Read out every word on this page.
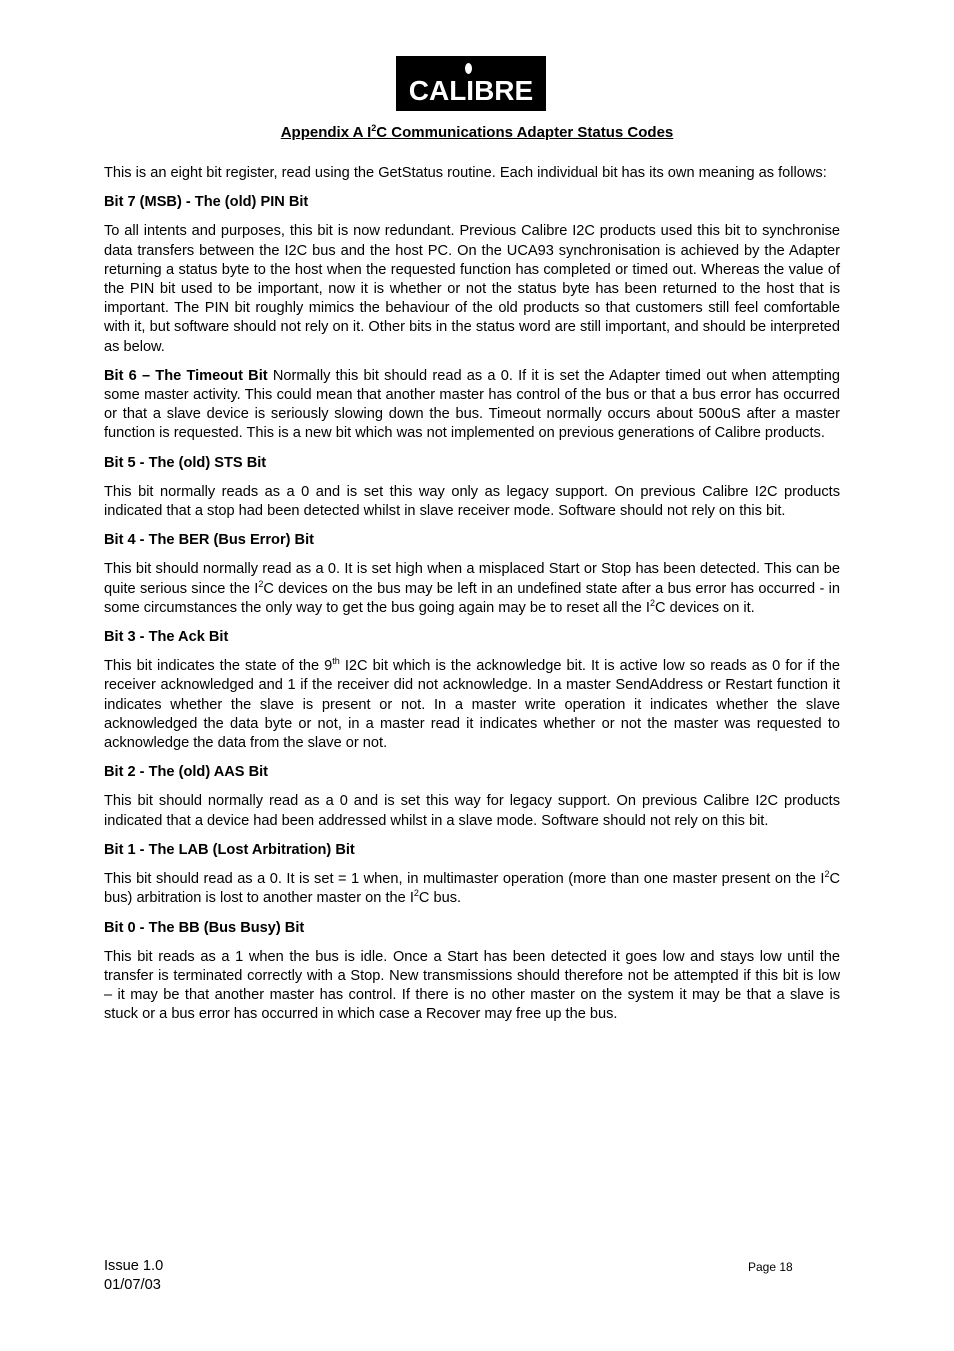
CALIBRE
Appendix A $I^2C$ Communications Adapter Status Codes

This is an eight bit register, read using the GetStatus routine. Each individual bit has its own meaning as follows:

Bit 7 (MSB) - The (old) PIN Bit

To all intents and purposes, this bit is now redundant. Previous Calibre I2C products used this bit to synchronise data transfers between the I2C bus and the host PC. On the UCA93 synchronisation is achieved by the Adapter returning a status byte to the host when the requested function has completed or timed out. Whereas the value of the PIN bit used to be important, now it is whether or not the status byte has been returned to the host that is important. The PIN bit roughly mimics the behaviour of the old products so that customers still feel comfortable with it, but software should not rely on it. Other bits in the status word are still important, and should be interpreted as below.

Bit 6 – The Timeout Bit Normally this bit should read as a 0. If it is set the Adapter timed out when attempting some master activity. This could mean that another master has control of the bus or that a bus error has occurred or that a slave device is seriously slowing down the bus. Timeout normally occurs about 500uS after a master function is requested. This is a new bit which was not implemented on previous generations of Calibre products.

Bit 5 - The (old) STS Bit

This bit normally reads as a 0 and is set this way only as legacy support. On previous Calibre I2C products indicated that a stop had been detected whilst in slave receiver mode. Software should not rely on this bit.

Bit 4 - The BER (Bus Error) Bit

This bit should normally read as a 0. It is set high when a misplaced Start or Stop has been detected. This can be quite serious since the $I^2C$ devices on the bus may be left in an undefined state after a bus error has occurred - in some circumstances the only way to get the bus going again may be to reset all the $I^2C$ devices on it.

Bit 3 - The Ack Bit

This bit indicates the state of the 9th I2C bit which is the acknowledge bit. It is active low so reads as 0 for if the receiver acknowledged and 1 if the receiver did not acknowledge. In a master SendAddress or Restart function it indicates whether the slave is present or not. In a master write operation it indicates whether the slave acknowledged the data byte or not, in a master read it indicates whether or not the master was requested to acknowledge the data from the slave or not.

Bit 2 - The (old) AAS Bit

This bit should normally read as a 0 and is set this way for legacy support. On previous Calibre I2C products indicated that a device had been addressed whilst in a slave mode. Software should not rely on this bit.

Bit 1 - The LAB (Lost Arbitration) Bit

This bit should read as a 0. It is set = 1 when, in multimaster operation (more than one master present on the $I^2C$ bus) arbitration is lost to another master on the $I^2C$ bus.

Bit 0 - The BB (Bus Busy) Bit

This bit reads as a 1 when the bus is idle. Once a Start has been detected it goes low and stays low until the transfer is terminated correctly with a Stop. New transmissions should therefore not be attempted if this bit is low – it may be that another master has control. If there is no other master on the system it may be that a slave is stuck or a bus error has occurred in which case a Recover may free up the bus.

Issue 1.0
01/07/03
Page 18
